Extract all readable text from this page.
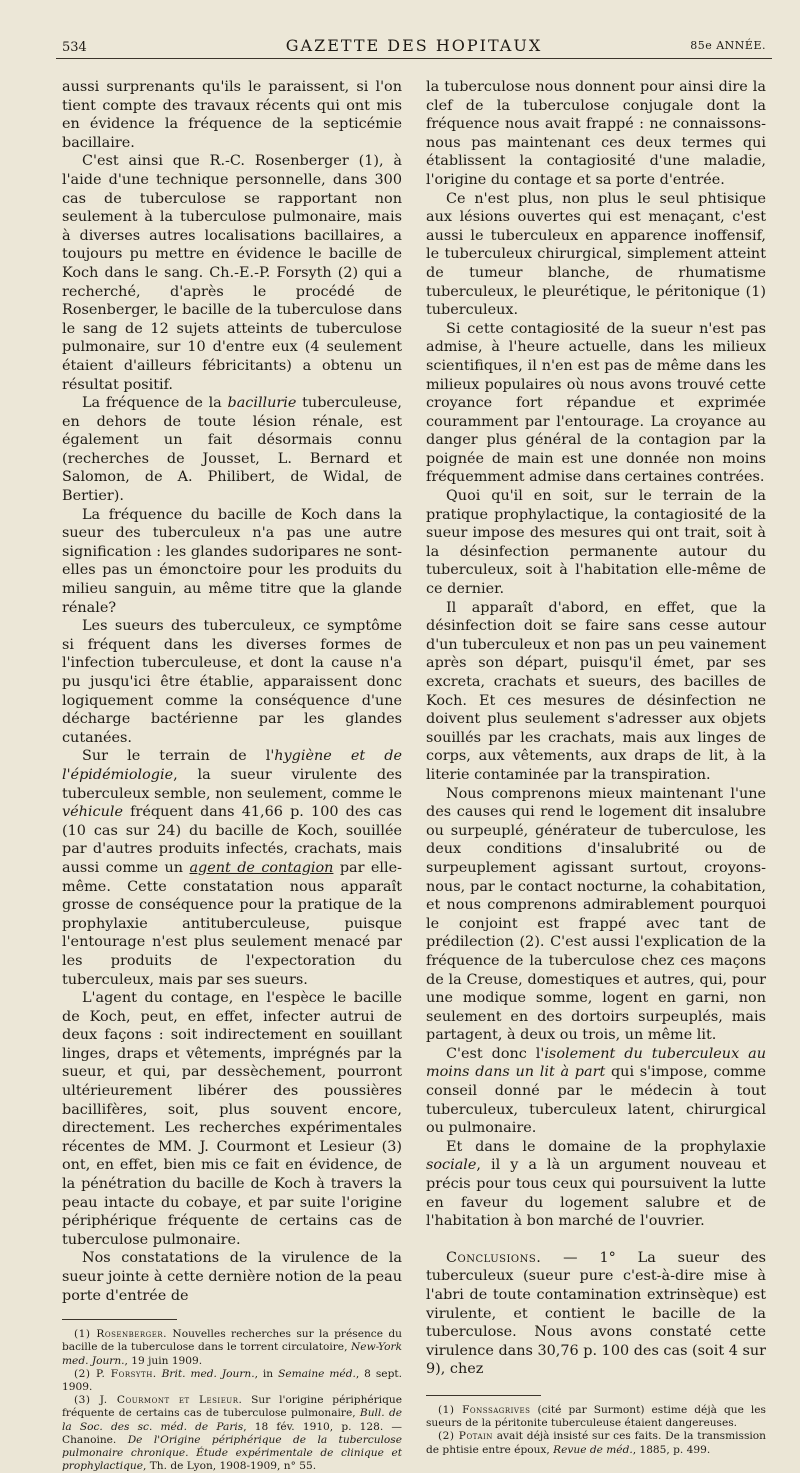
534	GAZETTE DES HOPITAUX	85e ANNÉE.

aussi surprenants qu'ils le paraissent, si l'on tient compte des travaux récents qui ont mis en évidence la fréquence de la septicémie bacillaire.

C'est ainsi que R.-C. Rosenberger (1), à l'aide d'une technique personnelle, dans 300 cas de tuberculose se rapportant non seulement à la tuberculose pulmonaire, mais à diverses autres localisations bacillaires, a toujours pu mettre en évidence le bacille de Koch dans le sang. Ch.-E.-P. Forsyth (2) qui a recherché, d'après le procédé de Rosenberger, le bacille de la tuberculose dans le sang de 12 sujets atteints de tuberculose pulmonaire, sur 10 d'entre eux (4 seulement étaient d'ailleurs fébricitants) a obtenu un résultat positif.

La fréquence de la bacillurie tuberculeuse, en dehors de toute lésion rénale, est également un fait désormais connu (recherches de Jousset, L. Bernard et Salomon, de A. Philibert, de Widal, de Bertier).

La fréquence du bacille de Koch dans la sueur des tuberculeux n'a pas une autre signification : les glandes sudoripares ne sont-elles pas un émonctoire pour les produits du milieu sanguin, au même titre que la glande rénale?

Les sueurs des tuberculeux, ce symptôme si fréquent dans les diverses formes de l'infection tuberculeuse, et dont la cause n'a pu jusqu'ici être établie, apparaissent donc logiquement comme la conséquence d'une décharge bactérienne par les glandes cutanées.

Sur le terrain de l'hygiène et de l'épidémiologie, la sueur virulente des tuberculeux semble, non seulement, comme le véhicule fréquent dans 41,66 p. 100 des cas (10 cas sur 24) du bacille de Koch, souillée par d'autres produits infectés, crachats, mais aussi comme un agent de contagion par elle-même. Cette constatation nous apparaît grosse de conséquence pour la pratique de la prophylaxie antituberculeuse, puisque l'entourage n'est plus seulement menacé par les produits de l'expectoration du tuberculeux, mais par ses sueurs.

L'agent du contage, en l'espèce le bacille de Koch, peut, en effet, infecter autrui de deux façons : soit indirectement en souillant linges, draps et vêtements, imprégnés par la sueur, et qui, par dessèchement, pourront ultérieurement libérer des poussières bacillifères, soit, plus souvent encore, directement. Les recherches expérimentales récentes de MM. J. Courmont et Lesieur (3) ont, en effet, bien mis ce fait en évidence, de la pénétration du bacille de Koch à travers la peau intacte du cobaye, et par suite l'origine périphérique fréquente de certains cas de tuberculose pulmonaire.

Nos constatations de la virulence de la sueur jointe à cette dernière notion de la peau porte d'entrée de

(1) Rosenberger. Nouvelles recherches sur la présence du bacille de la tuberculose dans le torrent circulatoire, New-York med. Journ., 19 juin 1909.

(2) P. Forsyth. Brit. med. Journ., in Semaine méd., 8 sept. 1909.

(3) J. Courmont et Lesieur. Sur l'origine périphérique fréquente de certains cas de tuberculose pulmonaire, Bull. de la Soc. des sc. méd. de Paris, 18 fév. 1910, p. 128. — Chanoine. De l'Origine périphérique de la tuberculose pulmonaire chronique. Étude expérimentale de clinique et prophylactique, Th. de Lyon, 1908-1909, n° 55.

la tuberculose nous donnent pour ainsi dire la clef de la tuberculose conjugale dont la fréquence nous avait frappé : ne connaissons-nous pas maintenant ces deux termes qui établissent la contagiosité d'une maladie, l'origine du contage et sa porte d'entrée.

Ce n'est plus, non plus le seul phtisique aux lésions ouvertes qui est menaçant, c'est aussi le tuberculeux en apparence inoffensif, le tuberculeux chirurgical, simplement atteint de tumeur blanche, de rhumatisme tuberculeux, le pleurétique, le péritonique (1) tuberculeux.

Si cette contagiosité de la sueur n'est pas admise, à l'heure actuelle, dans les milieux scientifiques, il n'en est pas de même dans les milieux populaires où nous avons trouvé cette croyance fort répandue et exprimée couramment par l'entourage. La croyance au danger plus général de la contagion par la poignée de main est une donnée non moins fréquemment admise dans certaines contrées.

Quoi qu'il en soit, sur le terrain de la pratique prophylactique, la contagiosité de la sueur impose des mesures qui ont trait, soit à la désinfection permanente autour du tuberculeux, soit à l'habitation elle-même de ce dernier.

Il apparaît d'abord, en effet, que la désinfection doit se faire sans cesse autour d'un tuberculeux et non pas un peu vainement après son départ, puisqu'il émet, par ses excreta, crachats et sueurs, des bacilles de Koch. Et ces mesures de désinfection ne doivent plus seulement s'adresser aux objets souillés par les crachats, mais aux linges de corps, aux vêtements, aux draps de lit, à la literie contaminée par la transpiration.

Nous comprenons mieux maintenant l'une des causes qui rend le logement dit insalubre ou surpeuplé, générateur de tuberculose, les deux conditions d'insalubrité ou de surpeuplement agissant surtout, croyons-nous, par le contact nocturne, la cohabitation, et nous comprenons admirablement pourquoi le conjoint est frappé avec tant de prédilection (2). C'est aussi l'explication de la fréquence de la tuberculose chez ces maçons de la Creuse, domestiques et autres, qui, pour une modique somme, logent en garni, non seulement en des dortoirs surpeuplés, mais partagent, à deux ou trois, un même lit.

C'est donc l'isolement du tuberculeux au moins dans un lit à part qui s'impose, comme conseil donné par le médecin à tout tuberculeux, tuberculeux latent, chirurgical ou pulmonaire.

Et dans le domaine de la prophylaxie sociale, il y a là un argument nouveau et précis pour tous ceux qui poursuivent la lutte en faveur du logement salubre et de l'habitation à bon marché de l'ouvrier.

Conclusions. — 1° La sueur des tuberculeux (sueur pure c'est-à-dire mise à l'abri de toute contamination extrinsèque) est virulente, et contient le bacille de la tuberculose. Nous avons constaté cette virulence dans 30,76 p. 100 des cas (soit 4 sur 9), chez

(1) Fonssagrives (cité par Surmont) estime déjà que les sueurs de la péritonite tuberculeuse étaient dangereuses.

(2) Potain avait déjà insisté sur ces faits. De la transmission de phtisie entre époux, Revue de méd., 1885, p. 499.
